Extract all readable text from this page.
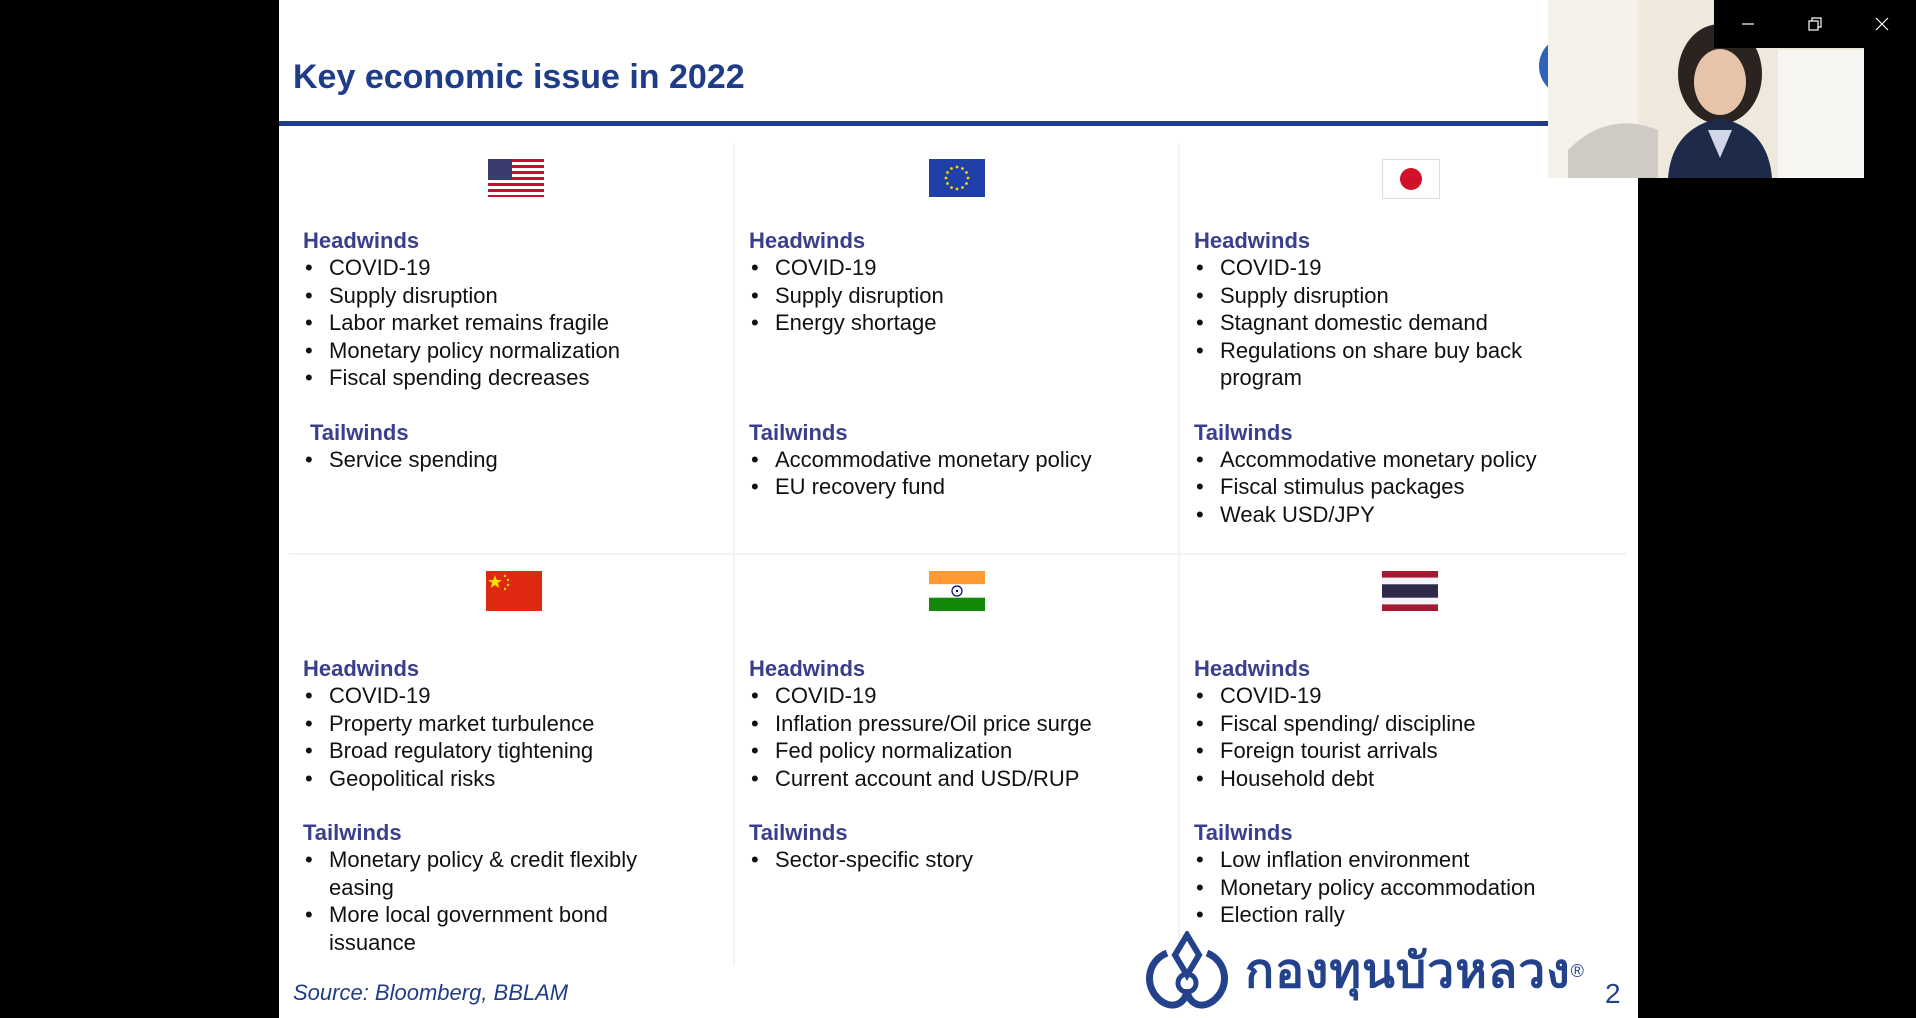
Key economic issue in 2022

Headwinds

• COVID-19
• Supply disruption
• Labor market remains fragile
• Monetary policy normalization
• Fiscal spending decreases

Tailwinds

• Service spending

Headwinds

• COVID-19
• Supply disruption
• Energy shortage

Tailwinds

• Accommodative monetary policy
• EU recovery fund

Headwinds

• COVID-19
• Supply disruption
• Stagnant domestic demand
• Regulations on share buy back program

Tailwinds

• Accommodative monetary policy
• Fiscal stimulus packages
• Weak USD/JPY

Headwinds

• COVID-19
• Property market turbulence
• Broad regulatory tightening
• Geopolitical risks

Tailwinds

• Monetary policy & credit flexibly easing
• More local government bond issuance

Headwinds

• COVID-19
• Inflation pressure/Oil price surge
• Fed policy normalization
• Current account and USD/RUP

Tailwinds

• Sector-specific story

Headwinds

• COVID-19
• Fiscal spending/ discipline
• Foreign tourist arrivals
• Household debt

Tailwinds

• Low inflation environment
• Monetary policy accommodation
• Election rally
Source: Bloomberg, BBLAM	กองทุนบัวหลวง ®
2
